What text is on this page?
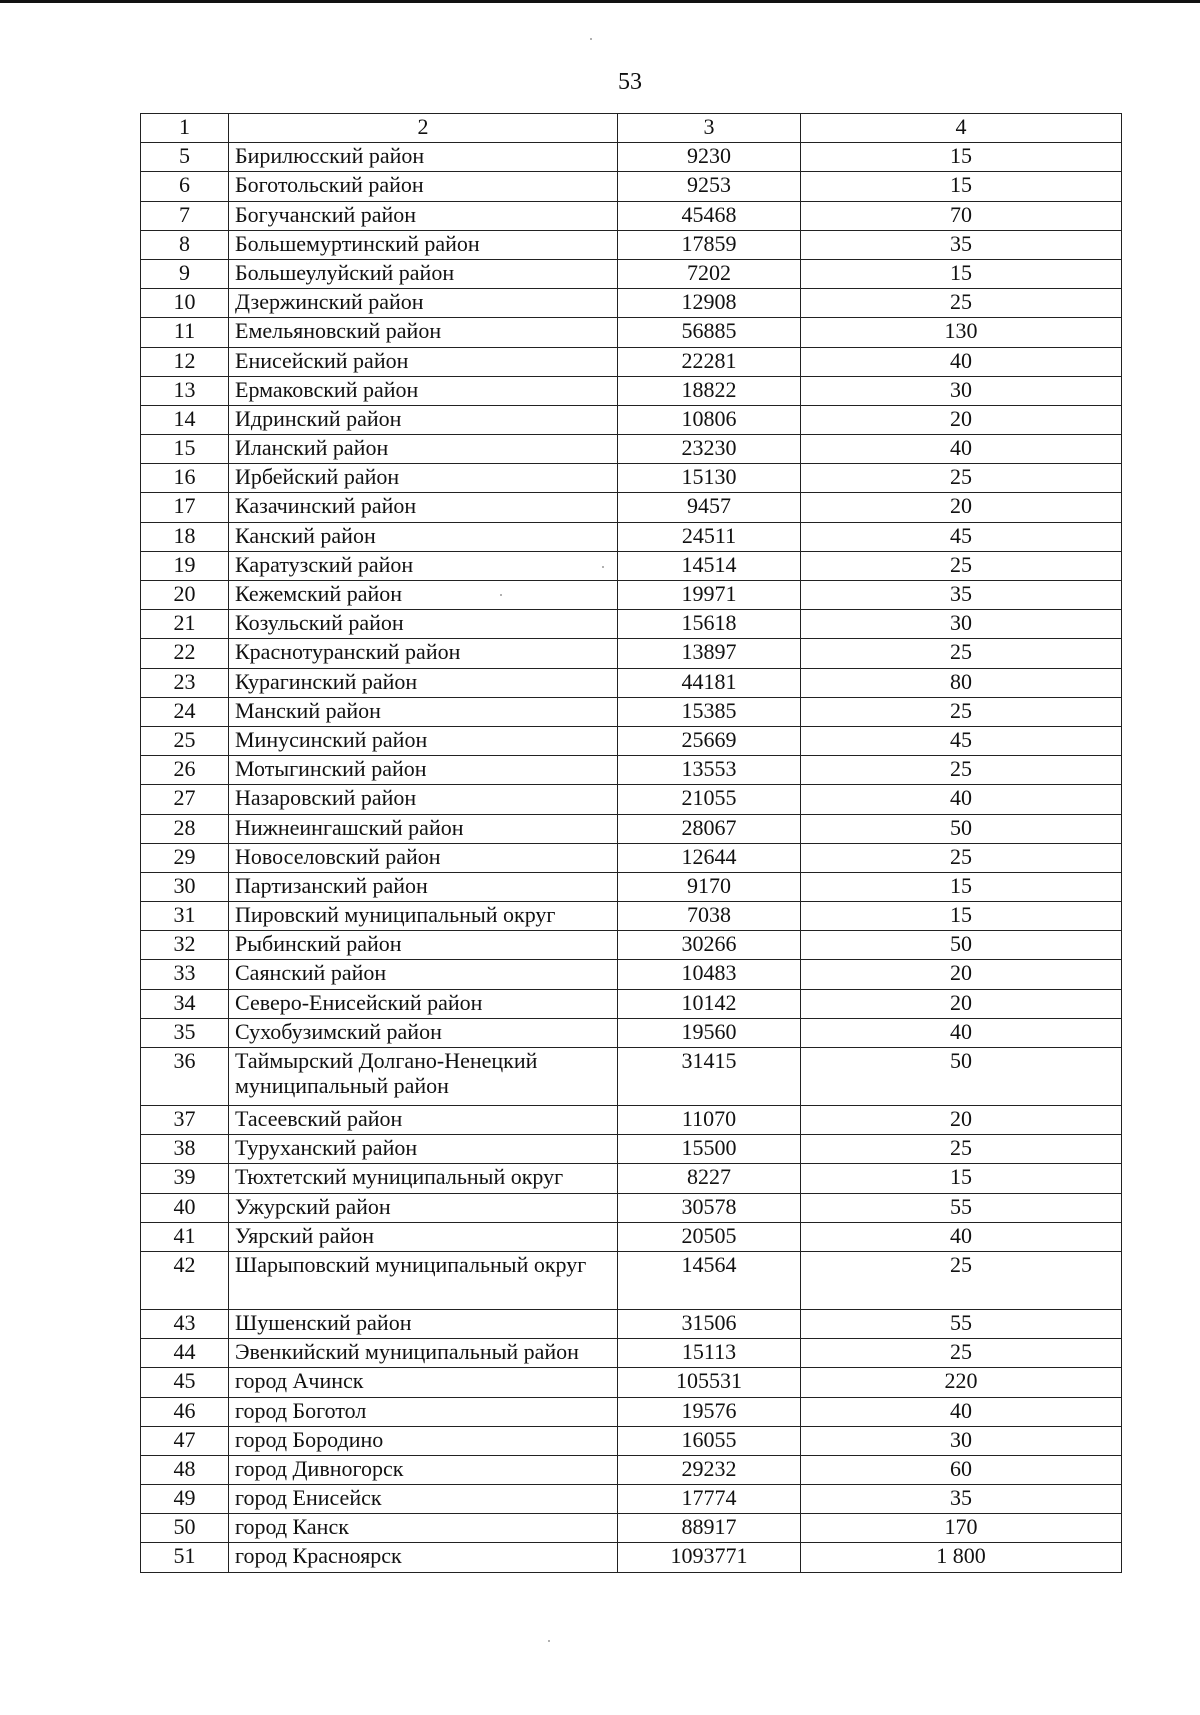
53
1	2	3	4
5	Бирилюсский район	9230	15
6	Боготольский район	9253	15
7	Богучанский район	45468	70
8	Большемуртинский район	17859	35
9	Большеулуйский район	7202	15
10	Дзержинский район	12908	25
11	Емельяновский район	56885	130
12	Енисейский район	22281	40
13	Ермаковский район	18822	30
14	Идринский район	10806	20
15	Иланский район	23230	40
16	Ирбейский район	15130	25
17	Казачинский район	9457	20
18	Канский район	24511	45
19	Каратузский район	14514	25
20	Кежемский район	19971	35
21	Козульский район	15618	30
22	Краснотуранский район	13897	25
23	Курагинский район	44181	80
24	Манский район	15385	25
25	Минусинский район	25669	45
26	Мотыгинский район	13553	25
27	Назаровский район	21055	40
28	Нижнеингашский район	28067	50
29	Новоселовский район	12644	25
30	Партизанский район	9170	15
31	Пировский муниципальный округ	7038	15
32	Рыбинский район	30266	50
33	Саянский район	10483	20
34	Северо-Енисейский район	10142	20
35	Сухобузимский район	19560	40
36	Таймырский Долгано-Ненецкий муниципальный район	31415	50
37	Тасеевский район	11070	20
38	Туруханский район	15500	25
39	Тюхтетский муниципальный округ	8227	15
40	Ужурский район	30578	55
41	Уярский район	20505	40
42	Шарыповский муниципальный округ	14564	25
43	Шушенский район	31506	55
44	Эвенкийский муниципальный район	15113	25
45	город Ачинск	105531	220
46	город Боготол	19576	40
47	город Бородино	16055	30
48	город Дивногорск	29232	60
49	город Енисейск	17774	35
50	город Канск	88917	170
51	город Красноярск	1093771	1 800
